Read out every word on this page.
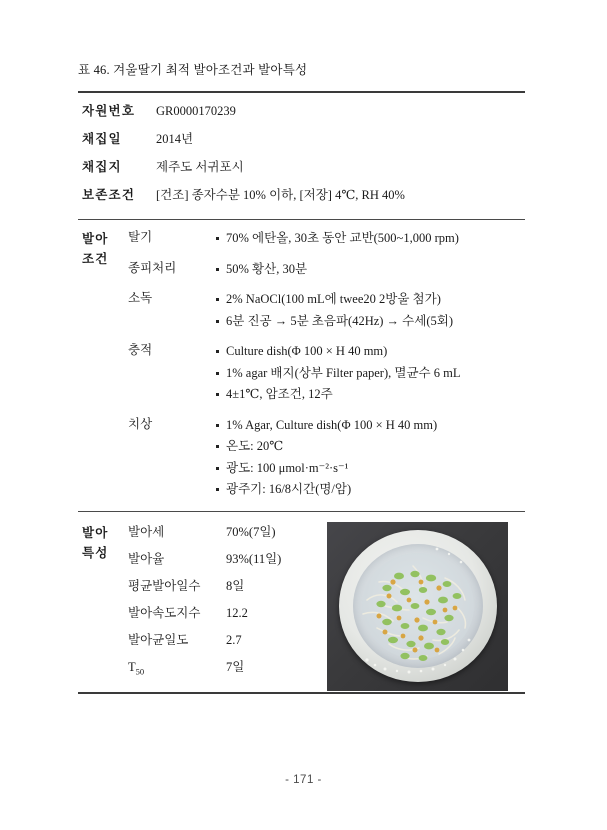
표 46. 겨울딸기 최적 발아조건과 발아특성
자원번호	GR0000170239
채집일	2014년
채집지	제주도 서귀포시
보존조건	[건조] 종자수분 10% 이하, [저장] 4℃, RH 40%
발아
조건
탈기	70% 에탄올, 30초 동안 교반(500~1,000 rpm)
종피처리	50% 황산, 30분
소독	2% NaOCl(100 mL에 twee20 2방울 첨가)
6분 진공 → 5분 초음파(42Hz) → 수세(5회)
충적	Culture dish(Φ 100 × H 40 mm)
1% agar 배지(상부 Filter paper), 멸균수 6 mL
4±1℃, 암조건, 12주
치상	1% Agar, Culture dish(Φ 100 × H 40 mm)
온도: 20℃
광도: 100 μmol·m⁻²·s⁻¹
광주기: 16/8시간(명/암)
발아
특성
발아세	70%(7일)
발아율	93%(11일)
평균발아일수	8일
발아속도지수	12.2
발아균일도	2.7
$T_{50}$	7일
- 171 -
